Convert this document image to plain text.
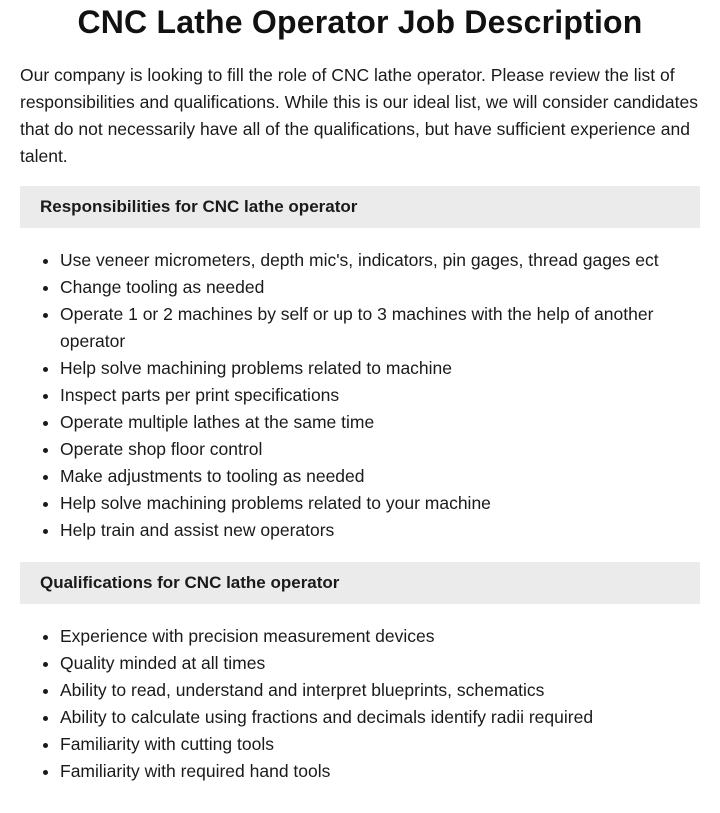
CNC Lathe Operator Job Description

Our company is looking to fill the role of CNC lathe operator. Please review the list of responsibilities and qualifications. While this is our ideal list, we will consider candidates that do not necessarily have all of the qualifications, but have sufficient experience and talent.

Responsibilities for CNC lathe operator
• Use veneer micrometers, depth mic's, indicators, pin gages, thread gages ect
• Change tooling as needed
• Operate 1 or 2 machines by self or up to 3 machines with the help of another operator
• Help solve machining problems related to machine
• Inspect parts per print specifications
• Operate multiple lathes at the same time
• Operate shop floor control
• Make adjustments to tooling as needed
• Help solve machining problems related to your machine
• Help train and assist new operators
Qualifications for CNC lathe operator
• Experience with precision measurement devices
• Quality minded at all times
• Ability to read, understand and interpret blueprints, schematics
• Ability to calculate using fractions and decimals identify radii required
• Familiarity with cutting tools
• Familiarity with required hand tools
